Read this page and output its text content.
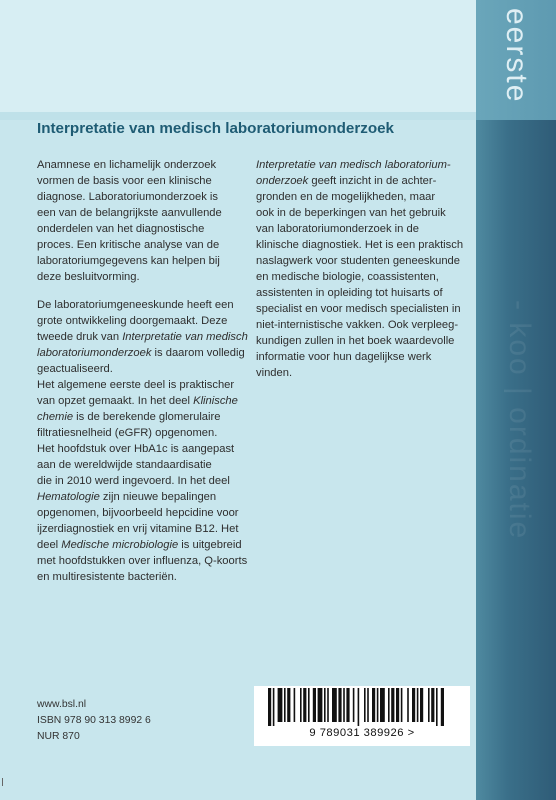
- koo | ordinatie
eerste
Interpretatie van medisch laboratoriumonderzoek

Anamnese en lichamelijk onderzoek
vormen de basis voor een klinische
diagnose. Laboratoriumonderzoek is
een van de belangrijkste aanvullende
onderdelen van het diagnostische
proces. Een kritische analyse van de
laboratoriumgegevens kan helpen bij
deze besluitvorming.

De laboratoriumgeneeskunde heeft een
grote ontwikkeling doorgemaakt. Deze
tweede druk van Interpretatie van medisch
laboratoriumonderzoek is daarom volledig
geactualiseerd.
Het algemene eerste deel is praktischer
van opzet gemaakt. In het deel Klinische
chemie is de berekende glomerulaire
filtratiesnelheid (eGFR) opgenomen.
Het hoofdstuk over HbA1c is aangepast
aan de wereldwijde standaardisatie
die in 2010 werd ingevoerd. In het deel
Hematologie zijn nieuwe bepalingen
opgenomen, bijvoorbeeld hepcidine voor
ijzerdiagnostiek en vrij vitamine B12. Het
deel Medische microbiologie is uitgebreid
met hoofdstukken over influenza, Q-koorts
en multiresistente bacteriën.

Interpretatie van medisch laboratorium-
onderzoek geeft inzicht in de achter-
gronden en de mogelijkheden, maar
ook in de beperkingen van het gebruik
van laboratoriumonderzoek in de
klinische diagnostiek. Het is een praktisch
naslagwerk voor studenten geneeskunde
en medische biologie, coassistenten,
assistenten in opleiding tot huisarts of
specialist en voor medisch specialisten in
niet-internistische vakken. Ook verpleeg-
kundigen zullen in het boek waardevolle
informatie voor hun dagelijkse werk
vinden.

www.bsl.nl
ISBN 978 90 313 8992 6
NUR 870	9 789031 389926 >
